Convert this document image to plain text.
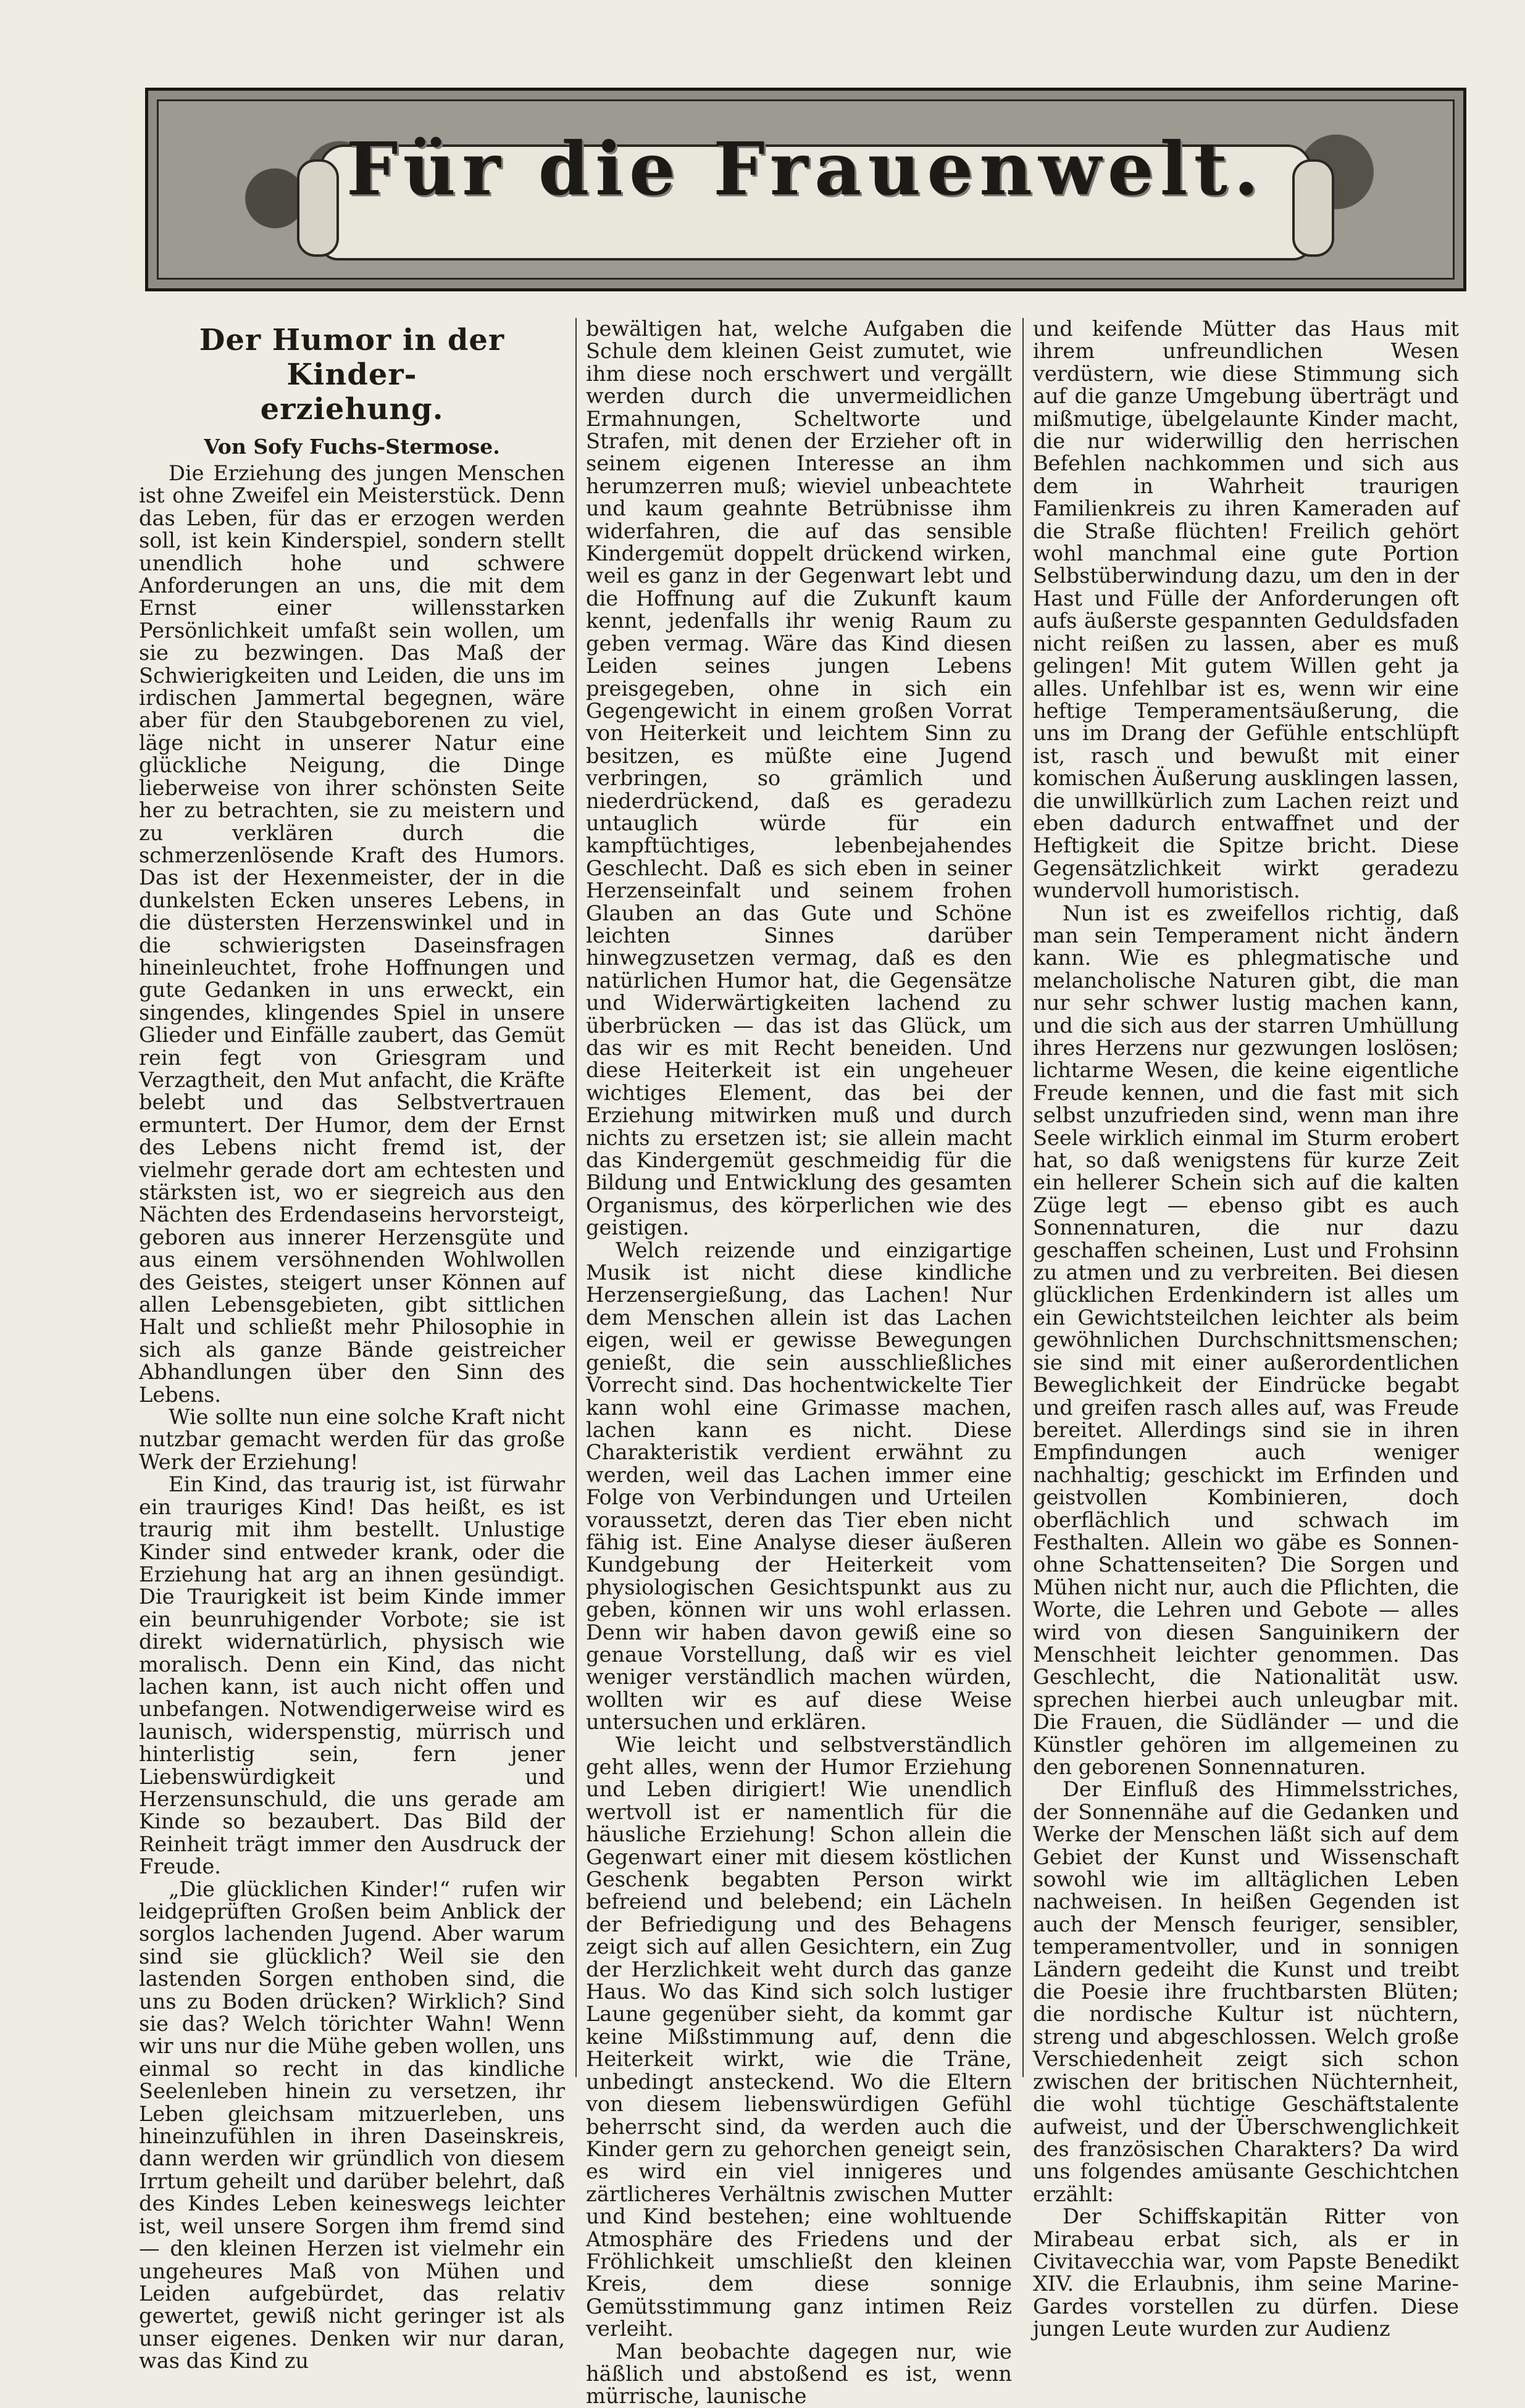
Für die Frauenwelt.
Der Humor in der Kinder-
erziehung.
Von Sofy Fuchs-Stermose.

Die Erziehung des jungen Menschen ist ohne Zweifel ein Meisterstück. Denn das Leben, für das er erzogen werden soll, ist kein Kinderspiel, sondern stellt unendlich hohe und schwere Anforderungen an uns, die mit dem Ernst einer willensstarken Persönlichkeit umfaßt sein wollen, um sie zu bezwingen. Das Maß der Schwierigkeiten und Leiden, die uns im irdischen Jammertal begegnen, wäre aber für den Staubgeborenen zu viel, läge nicht in unserer Natur eine glückliche Neigung, die Dinge lieberweise von ihrer schönsten Seite her zu betrachten, sie zu meistern und zu verklären durch die schmerzenlösende Kraft des Humors. Das ist der Hexenmeister, der in die dunkelsten Ecken unseres Lebens, in die düstersten Herzenswinkel und in die schwierigsten Daseinsfragen hineinleuchtet, frohe Hoffnungen und gute Gedanken in uns erweckt, ein singendes, klingendes Spiel in unsere Glieder und Einfälle zaubert, das Gemüt rein fegt von Griesgram und Verzagtheit, den Mut anfacht, die Kräfte belebt und das Selbstvertrauen ermuntert. Der Humor, dem der Ernst des Lebens nicht fremd ist, der vielmehr gerade dort am echtesten und stärksten ist, wo er siegreich aus den Nächten des Erdendaseins hervorsteigt, geboren aus innerer Herzensgüte und aus einem versöhnenden Wohlwollen des Geistes, steigert unser Können auf allen Lebensgebieten, gibt sittlichen Halt und schließt mehr Philosophie in sich als ganze Bände geistreicher Abhandlungen über den Sinn des Lebens.

Wie sollte nun eine solche Kraft nicht nutzbar gemacht werden für das große Werk der Erziehung!

Ein Kind, das traurig ist, ist fürwahr ein trauriges Kind! Das heißt, es ist traurig mit ihm bestellt. Unlustige Kinder sind entweder krank, oder die Erziehung hat arg an ihnen gesündigt. Die Traurigkeit ist beim Kinde immer ein beunruhigender Vorbote; sie ist direkt widernatürlich, physisch wie moralisch. Denn ein Kind, das nicht lachen kann, ist auch nicht offen und unbefangen. Notwendigerweise wird es launisch, widerspenstig, mürrisch und hinterlistig sein, fern jener Liebenswürdigkeit und Herzensunschuld, die uns gerade am Kinde so bezaubert. Das Bild der Reinheit trägt immer den Ausdruck der Freude.

„Die glücklichen Kinder!“ rufen wir leidgeprüften Großen beim Anblick der sorglos lachenden Jugend. Aber warum sind sie glücklich? Weil sie den lastenden Sorgen enthoben sind, die uns zu Boden drücken? Wirklich? Sind sie das? Welch törichter Wahn! Wenn wir uns nur die Mühe geben wollen, uns einmal so recht in das kindliche Seelenleben hinein zu versetzen, ihr Leben gleichsam mitzuerleben, uns hineinzufühlen in ihren Daseinskreis, dann werden wir gründlich von diesem Irrtum geheilt und darüber belehrt, daß des Kindes Leben keineswegs leichter ist, weil unsere Sorgen ihm fremd sind — den kleinen Herzen ist vielmehr ein ungeheures Maß von Mühen und Leiden aufgebürdet, das relativ gewertet, gewiß nicht geringer ist als unser eigenes. Denken wir nur daran, was das Kind zu

bewältigen hat, welche Aufgaben die Schule dem kleinen Geist zumutet, wie ihm diese noch erschwert und vergällt werden durch die unvermeidlichen Ermahnungen, Scheltworte und Strafen, mit denen der Erzieher oft in seinem eigenen Interesse an ihm herumzerren muß; wieviel unbeachtete und kaum geahnte Betrübnisse ihm widerfahren, die auf das sensible Kindergemüt doppelt drückend wirken, weil es ganz in der Gegenwart lebt und die Hoffnung auf die Zukunft kaum kennt, jedenfalls ihr wenig Raum zu geben vermag. Wäre das Kind diesen Leiden seines jungen Lebens preisgegeben, ohne in sich ein Gegengewicht in einem großen Vorrat von Heiterkeit und leichtem Sinn zu besitzen, es müßte eine Jugend verbringen, so grämlich und niederdrückend, daß es geradezu untauglich würde für ein kampftüchtiges, lebenbejahendes Geschlecht. Daß es sich eben in seiner Herzenseinfalt und seinem frohen Glauben an das Gute und Schöne leichten Sinnes darüber hinwegzusetzen vermag, daß es den natürlichen Humor hat, die Gegensätze und Widerwärtigkeiten lachend zu überbrücken — das ist das Glück, um das wir es mit Recht beneiden. Und diese Heiterkeit ist ein ungeheuer wichtiges Element, das bei der Erziehung mitwirken muß und durch nichts zu ersetzen ist; sie allein macht das Kindergemüt geschmeidig für die Bildung und Entwicklung des gesamten Organismus, des körperlichen wie des geistigen.

Welch reizende und einzigartige Musik ist nicht diese kindliche Herzensergießung, das Lachen! Nur dem Menschen allein ist das Lachen eigen, weil er gewisse Bewegungen genießt, die sein ausschließliches Vorrecht sind. Das hochentwickelte Tier kann wohl eine Grimasse machen, lachen kann es nicht. Diese Charakteristik verdient erwähnt zu werden, weil das Lachen immer eine Folge von Verbindungen und Urteilen voraussetzt, deren das Tier eben nicht fähig ist. Eine Analyse dieser äußeren Kundgebung der Heiterkeit vom physiologischen Gesichtspunkt aus zu geben, können wir uns wohl erlassen. Denn wir haben davon gewiß eine so genaue Vorstellung, daß wir es viel weniger verständlich machen würden, wollten wir es auf diese Weise untersuchen und erklären.

Wie leicht und selbstverständlich geht alles, wenn der Humor Erziehung und Leben dirigiert! Wie unendlich wertvoll ist er namentlich für die häusliche Erziehung! Schon allein die Gegenwart einer mit diesem köstlichen Geschenk begabten Person wirkt befreiend und belebend; ein Lächeln der Befriedigung und des Behagens zeigt sich auf allen Gesichtern, ein Zug der Herzlichkeit weht durch das ganze Haus. Wo das Kind sich solch lustiger Laune gegenüber sieht, da kommt gar keine Mißstimmung auf, denn die Heiterkeit wirkt, wie die Träne, unbedingt ansteckend. Wo die Eltern von diesem liebenswürdigen Gefühl beherrscht sind, da werden auch die Kinder gern zu gehorchen geneigt sein, es wird ein viel innigeres und zärtlicheres Verhältnis zwischen Mutter und Kind bestehen; eine wohltuende Atmosphäre des Friedens und der Fröhlichkeit umschließt den kleinen Kreis, dem diese sonnige Gemütsstimmung ganz intimen Reiz verleiht.

Man beobachte dagegen nur, wie häßlich und abstoßend es ist, wenn mürrische, launische

und keifende Mütter das Haus mit ihrem unfreundlichen Wesen verdüstern, wie diese Stimmung sich auf die ganze Umgebung überträgt und mißmutige, übelgelaunte Kinder macht, die nur widerwillig den herrischen Befehlen nachkommen und sich aus dem in Wahrheit traurigen Familienkreis zu ihren Kameraden auf die Straße flüchten! Freilich gehört wohl manchmal eine gute Portion Selbstüberwindung dazu, um den in der Hast und Fülle der Anforderungen oft aufs äußerste gespannten Geduldsfaden nicht reißen zu lassen, aber es muß gelingen! Mit gutem Willen geht ja alles. Unfehlbar ist es, wenn wir eine heftige Temperamentsäußerung, die uns im Drang der Gefühle entschlüpft ist, rasch und bewußt mit einer komischen Äußerung ausklingen lassen, die unwillkürlich zum Lachen reizt und eben dadurch entwaffnet und der Heftigkeit die Spitze bricht. Diese Gegensätzlichkeit wirkt geradezu wundervoll humoristisch.

Nun ist es zweifellos richtig, daß man sein Temperament nicht ändern kann. Wie es phlegmatische und melancholische Naturen gibt, die man nur sehr schwer lustig machen kann, und die sich aus der starren Umhüllung ihres Herzens nur gezwungen loslösen; lichtarme Wesen, die keine eigentliche Freude kennen, und die fast mit sich selbst unzufrieden sind, wenn man ihre Seele wirklich einmal im Sturm erobert hat, so daß wenigstens für kurze Zeit ein hellerer Schein sich auf die kalten Züge legt — ebenso gibt es auch Sonnennaturen, die nur dazu geschaffen scheinen, Lust und Frohsinn zu atmen und zu verbreiten. Bei diesen glücklichen Erdenkindern ist alles um ein Gewichtsteilchen leichter als beim gewöhnlichen Durchschnittsmenschen; sie sind mit einer außerordentlichen Beweglichkeit der Eindrücke begabt und greifen rasch alles auf, was Freude bereitet. Allerdings sind sie in ihren Empfindungen auch weniger nachhaltig; geschickt im Erfinden und geistvollen Kombinieren, doch oberflächlich und schwach im Festhalten. Allein wo gäbe es Sonnen- ohne Schattenseiten? Die Sorgen und Mühen nicht nur, auch die Pflichten, die Worte, die Lehren und Gebote — alles wird von diesen Sanguinikern der Menschheit leichter genommen. Das Geschlecht, die Nationalität usw. sprechen hierbei auch unleugbar mit. Die Frauen, die Südländer — und die Künstler gehören im allgemeinen zu den geborenen Sonnennaturen.

Der Einfluß des Himmelsstriches, der Sonnennähe auf die Gedanken und Werke der Menschen läßt sich auf dem Gebiet der Kunst und Wissenschaft sowohl wie im alltäglichen Leben nachweisen. In heißen Gegenden ist auch der Mensch feuriger, sensibler, temperamentvoller, und in sonnigen Ländern gedeiht die Kunst und treibt die Poesie ihre fruchtbarsten Blüten; die nordische Kultur ist nüchtern, streng und abgeschlossen. Welch große Verschiedenheit zeigt sich schon zwischen der britischen Nüchternheit, die wohl tüchtige Geschäftstalente aufweist, und der Überschwenglichkeit des französischen Charakters? Da wird uns folgendes amüsante Geschichtchen erzählt:

Der Schiffskapitän Ritter von Mirabeau erbat sich, als er in Civitavecchia war, vom Papste Benedikt XIV. die Erlaubnis, ihm seine Marine-Gardes vorstellen zu dürfen. Diese jungen Leute wurden zur Audienz
